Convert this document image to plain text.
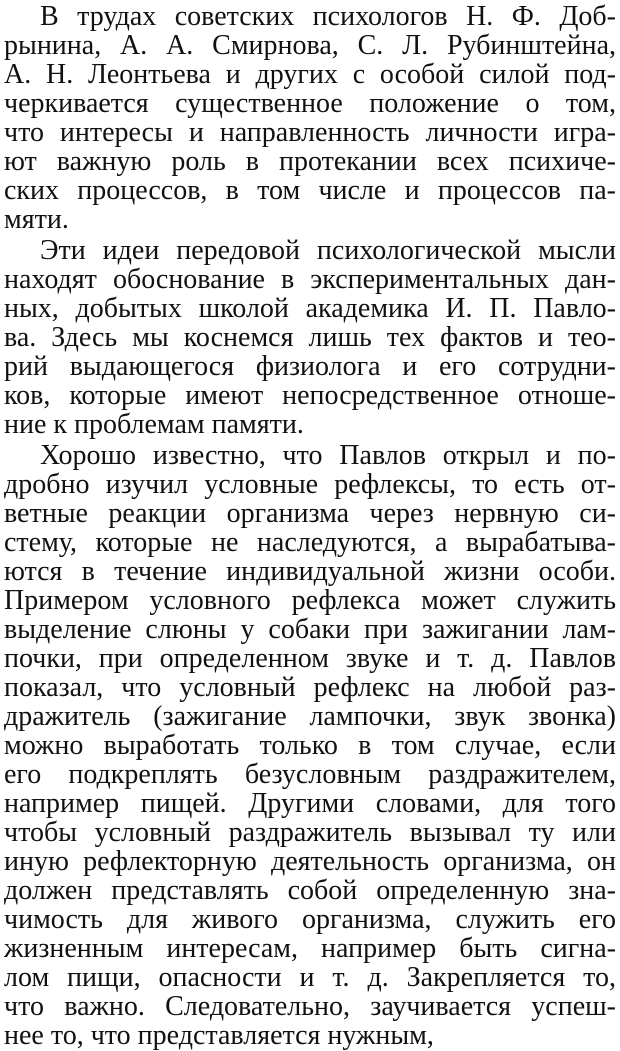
В трудах советских психологов Н. Ф. Доб-
рынина, А. А. Смирнова, С. Л. Рубинштейна,
А. Н. Леонтьева и других с особой силой под-
черкивается существенное положение о том,
что интересы и направленность личности игра-
ют важную роль в протекании всех психиче-
ских процессов, в том числе и процессов па-
мяти.
Эти идеи передовой психологической мысли
находят обоснование в экспериментальных дан-
ных, добытых школой академика И. П. Павло-
ва. Здесь мы коснемся лишь тех фактов и тео-
рий выдающегося физиолога и его сотрудни-
ков, которые имеют непосредственное отноше-
ние к проблемам памяти.
Хорошо известно, что Павлов открыл и по-
дробно изучил условные рефлексы, то есть от-
ветные реакции организма через нервную си-
стему, которые не наследуются, а вырабатыва-
ются в течение индивидуальной жизни особи.
Примером условного рефлекса может служить
выделение слюны у собаки при зажигании лам-
почки, при определенном звуке и т. д. Павлов
показал, что условный рефлекс на любой раз-
дражитель (зажигание лампочки, звук звонка)
можно выработать только в том случае, если
его подкреплять безусловным раздражителем,
например пищей. Другими словами, для того
чтобы условный раздражитель вызывал ту или
иную рефлекторную деятельность организма, он
должен представлять собой определенную зна-
чимость для живого организма, служить его
жизненным интересам, например быть сигна-
лом пищи, опасности и т. д. Закрепляется то,
что важно. Следовательно, заучивается успеш-
нее то, что представляется нужным,
